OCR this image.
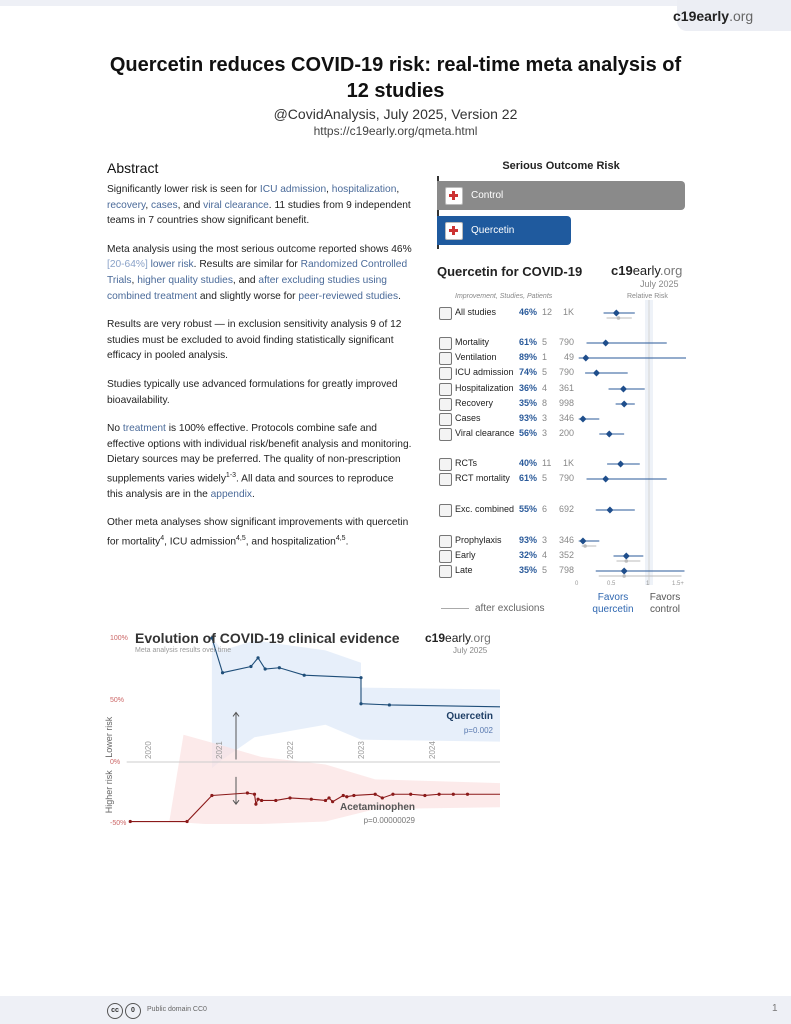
c19early.org
Quercetin reduces COVID-19 risk: real-time meta analysis of 12 studies
@CovidAnalysis, July 2025, Version 22
https://c19early.org/qmeta.html
Abstract

Significantly lower risk is seen for ICU admission, hospitalization, recovery, cases, and viral clearance. 11 studies from 9 independent teams in 7 countries show significant benefit.

Meta analysis using the most serious outcome reported shows 46% [20‑64%] lower risk. Results are similar for Randomized Controlled Trials, higher quality studies, and after excluding studies using combined treatment and slightly worse for peer-reviewed studies.

Results are very robust — in exclusion sensitivity analysis 9 of 12 studies must be excluded to avoid finding statistically significant efficacy in pooled analysis.

Studies typically use advanced formulations for greatly improved bioavailability.

No treatment is 100% effective. Protocols combine safe and effective options with individual risk/benefit analysis and monitoring. Dietary sources may be preferred. The quality of non-prescription supplements varies widely$^{1-3}$. All data and sources to reproduce this analysis are in the appendix.

Other meta analyses show significant improvements with quercetin for mortality$^4$, ICU admission$^{4,5}$, and hospitalization$^{4,5}$.

Serious Outcome Risk
Control
Quercetin
Quercetin for COVID-19 c19early.org
July 2025
Improvement, Studies, Patients	Relative Risk
All studies	46% 12	1K
Mortality	61% 5	790
Ventilation 89% 1	49
ICU admission 74% 5	790
Hospitalization 36% 4	361
Recovery	35% 8	998
Cases	93% 3	346
Viral clearance 56% 3	200
RCTs	40% 11	1K
RCT mortality 61% 5	790
Exc. combined 55% 6	692
Prophylaxis 93% 3	346
Early	32% 4	352
Late	35% 5	798
0	0.5	1	1.5+
Favors quercetin
Favors control
after exclusions
2020	2021	2022	2023	2024
Lower risk
Higher risk
Quercetin
p=0.002
Acetaminophen
p=0.00000029
Evolution of COVID-19 clinical evidence
Meta analysis results over time
c19early.org
July 2025
100%
50%
0%
-50%
cc	0	Public domain CC0	1
